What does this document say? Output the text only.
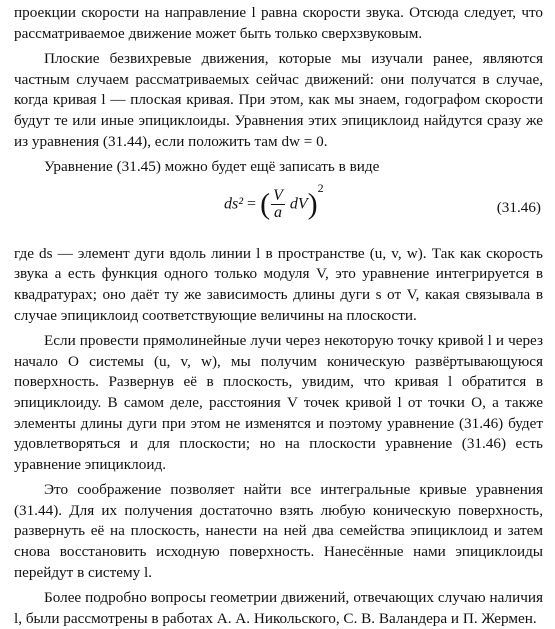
проекции скорости на направление l равна скорости звука. Отсюда следует, что рассматриваемое движение может быть только сверхзвуковым.

Плоские безвихревые движения, которые мы изучали ранее, являются частным случаем рассматриваемых сейчас движений: они получатся в случае, когда кривая l — плоская кривая. При этом, как мы знаем, годографом скорости будут те или иные эпициклоиды. Уравнения этих эпициклоид найдутся сразу же из уравнения (31.44), если положить там dw = 0.

Уравнение (31.45) можно будет ещё записать в виде

ds² = ( $\frac{V}{a} dV)^2$
(31.46)

где ds — элемент дуги вдоль линии l в пространстве (u, v, w). Так как скорость звука a есть функция одного только модуля V, это уравнение интегрируется в квадратурах; оно даёт ту же зависимость длины дуги s от V, какая связывала в случае эпициклоид соответствующие величины на плоскости.

Если провести прямолинейные лучи через некоторую точку кривой l и через начало O системы (u, v, w), мы получим коническую развёртывающуюся поверхность. Развернув её в плоскость, увидим, что кривая l обратится в эпициклоиду. В самом деле, расстояния V точек кривой l от точки O, а также элементы длины дуги при этом не изменятся и поэтому уравнение (31.46) будет удовлетворяться и для плоскости; но на плоскости уравнение (31.46) есть уравнение эпициклоид.

Это соображение позволяет найти все интегральные кривые уравнения (31.44). Для их получения достаточно взять любую коническую поверхность, развернуть её на плоскость, нанести на ней два семейства эпициклоид и затем снова восстановить исходную поверхность. Нанесённые нами эпициклоиды перейдут в систему l.

Более подробно вопросы геометрии движений, отвечающих случаю наличия l, были рассмотрены в работах А. А. Никольского, С. В. Валандера и П. Жермен.
